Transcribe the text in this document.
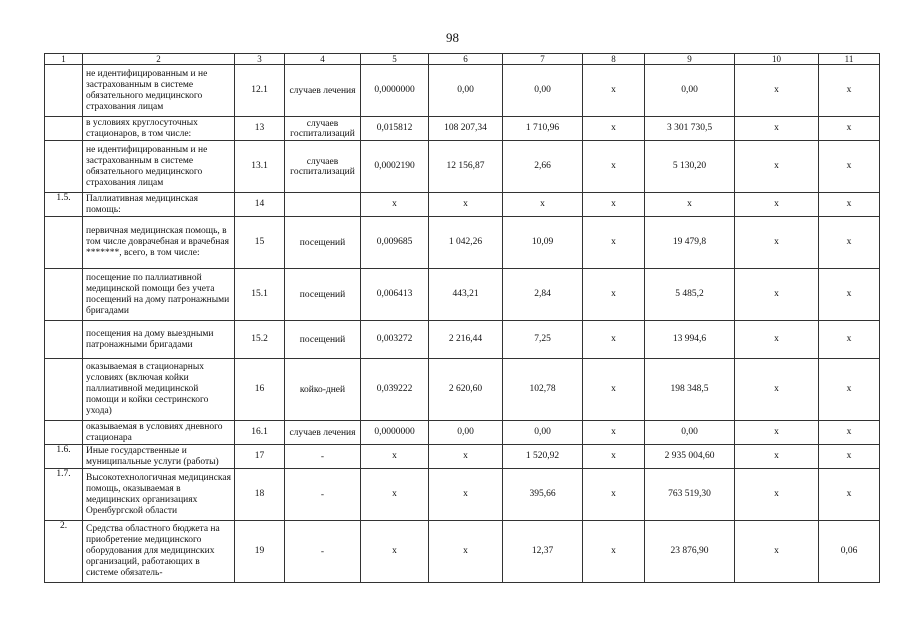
98
1	2	3	4	5	6	7	8	9	10	11
	не идентифицированным и не застрахованным в системе обязательного медицинского страхования лицам	12.1	случаев лечения	0,0000000	0,00	0,00	х	0,00	х	х
	в условиях круглосуточных стационаров, в том числе:	13	случаев госпитализаций	0,015812	108 207,34	1 710,96	х	3 301 730,5	х	х
	не идентифицированным и не застрахованным в системе обязательного медицинского страхования лицам	13.1	случаев госпитализаций	0,0002190	12 156,87	2,66	х	5 130,20	х	х
1.5.	Паллиативная медицинская помощь:	14		х	х	х	х	х	х	х
	первичная медицинская помощь, в том числе доврачебная и врачебная *******, всего, в том числе:	15	посещений	0,009685	1 042,26	10,09	х	19 479,8	х	х
	посещение по паллиативной медицинской помощи без учета посещений на дому патронажными бригадами	15.1	посещений	0,006413	443,21	2,84	х	5 485,2	х	х
	посещения на дому выездными патронажными бригадами	15.2	посещений	0,003272	2 216,44	7,25	х	13 994,6	х	х
	оказываемая в стационарных условиях (включая койки паллиативной медицинской помощи и койки сестринского ухода)	16	койко-дней	0,039222	2 620,60	102,78	х	198 348,5	х	х
	оказываемая в условиях дневного стационара	16.1	случаев лечения	0,0000000	0,00	0,00	х	0,00	х	х
1.6.	Иные государственные и муниципальные услуги (работы)	17	-	х	х	1 520,92	х	2 935 004,60	х	х
1.7.	Высокотехнологичная медицинская помощь, оказываемая в медицинских организациях Оренбургской области	18	-	х	х	395,66	х	763 519,30	х	х
2.	Средства областного бюджета на приобретение медицинского оборудования для медицинских организаций, работающих в системе обязатель-	19	-	х	х	12,37	х	23 876,90	х	0,06
